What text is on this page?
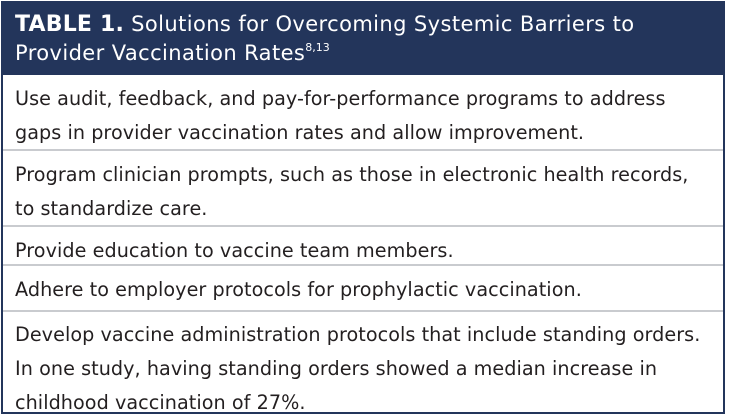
TABLE 1. Solutions for Overcoming Systemic Barriers to Provider Vaccination Rates$^{8,13}$
Use audit, feedback, and pay-for-performance programs to address gaps in provider vaccination rates and allow improvement.
Program clinician prompts, such as those in electronic health records, to standardize care.
Provide education to vaccine team members.
Adhere to employer protocols for prophylactic vaccination.
Develop vaccine administration protocols that include standing orders. In one study, having standing orders showed a median increase in childhood vaccination of 27%.
